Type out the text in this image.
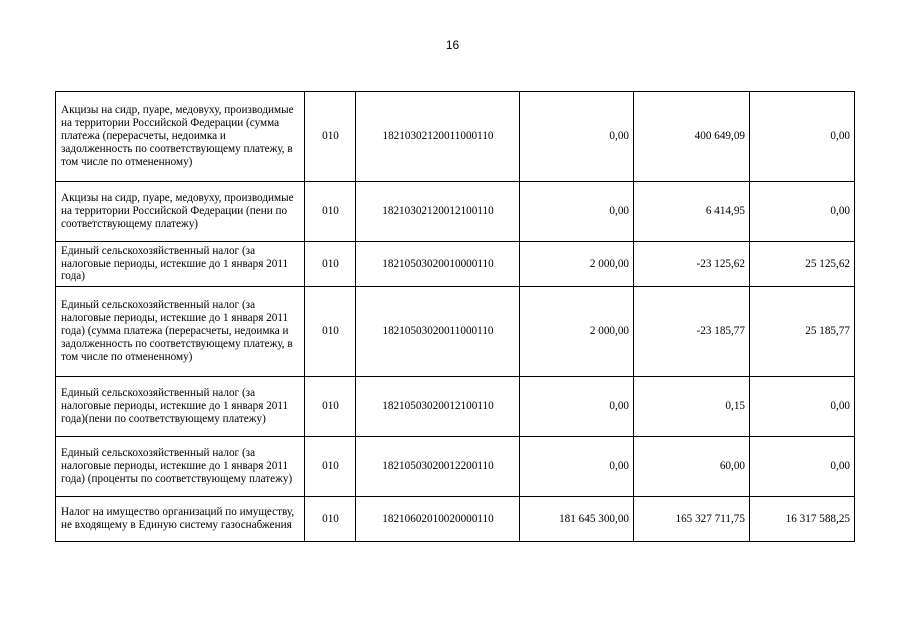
16
Акцизы на сидр, пуаре, медовуху, производимые на территории Российской Федерации (сумма платежа (перерасчеты, недоимка и задолженность по соответствующему платежу, в том числе по отмененному)	010	18210302120011000110	0,00	400 649,09	0,00
Акцизы на сидр, пуаре, медовуху, производимые на территории Российской Федерации (пени по соответствующему платежу)	010	18210302120012100110	0,00	6 414,95	0,00
Единый сельскохозяйственный налог (за налоговые периоды, истекшие до 1 января 2011 года)	010	18210503020010000110	2 000,00	-23 125,62	25 125,62
Единый сельскохозяйственный налог (за налоговые периоды, истекшие до 1 января 2011 года) (сумма платежа (перерасчеты, недоимка и задолженность по соответствующему платежу, в том числе по отмененному)	010	18210503020011000110	2 000,00	-23 185,77	25 185,77
Единый сельскохозяйственный налог (за налоговые периоды, истекшие до 1 января 2011 года)(пени по соответствующему платежу)	010	18210503020012100110	0,00	0,15	0,00
Единый сельскохозяйственный налог (за налоговые периоды, истекшие до 1 января 2011 года) (проценты по соответствующему платежу)	010	18210503020012200110	0,00	60,00	0,00
Налог на имущество организаций по имуществу, не входящему в Единую систему газоснабжения	010	18210602010020000110	181 645 300,00	165 327 711,75	16 317 588,25
